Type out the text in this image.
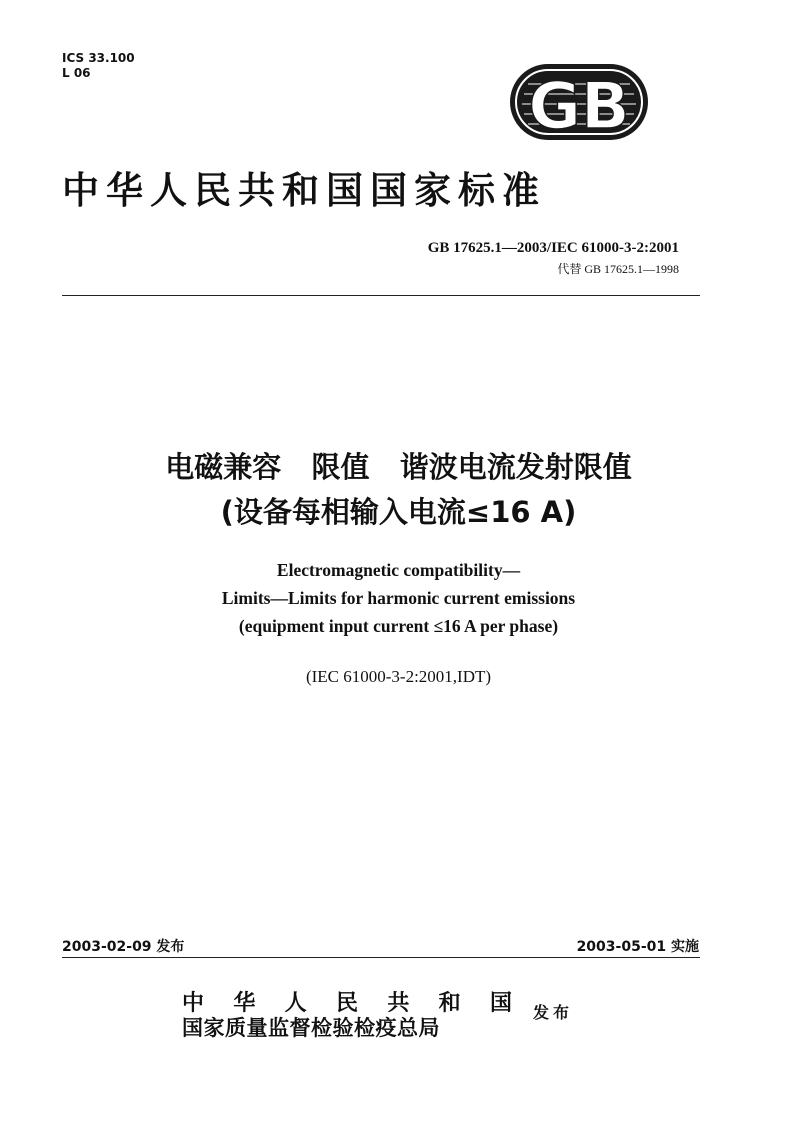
ICS 33.100
L 06	GB
中华人民共和国国家标准
GB 17625.1—2003/IEC 61000-3-2:2001
代替 GB 17625.1—1998
电磁兼容   限值   谐波电流发射限值
(设备每相输入电流≤16 A)
Electromagnetic compatibility—
Limits—Limits for harmonic current emissions
(equipment input current ≤16 A per phase)
(IEC 61000-3-2:2001,IDT)
2003-02-09 发布	2003-05-01 实施
中 华 人 民 共 和 国
国家质量监督检验检疫总局
发布
